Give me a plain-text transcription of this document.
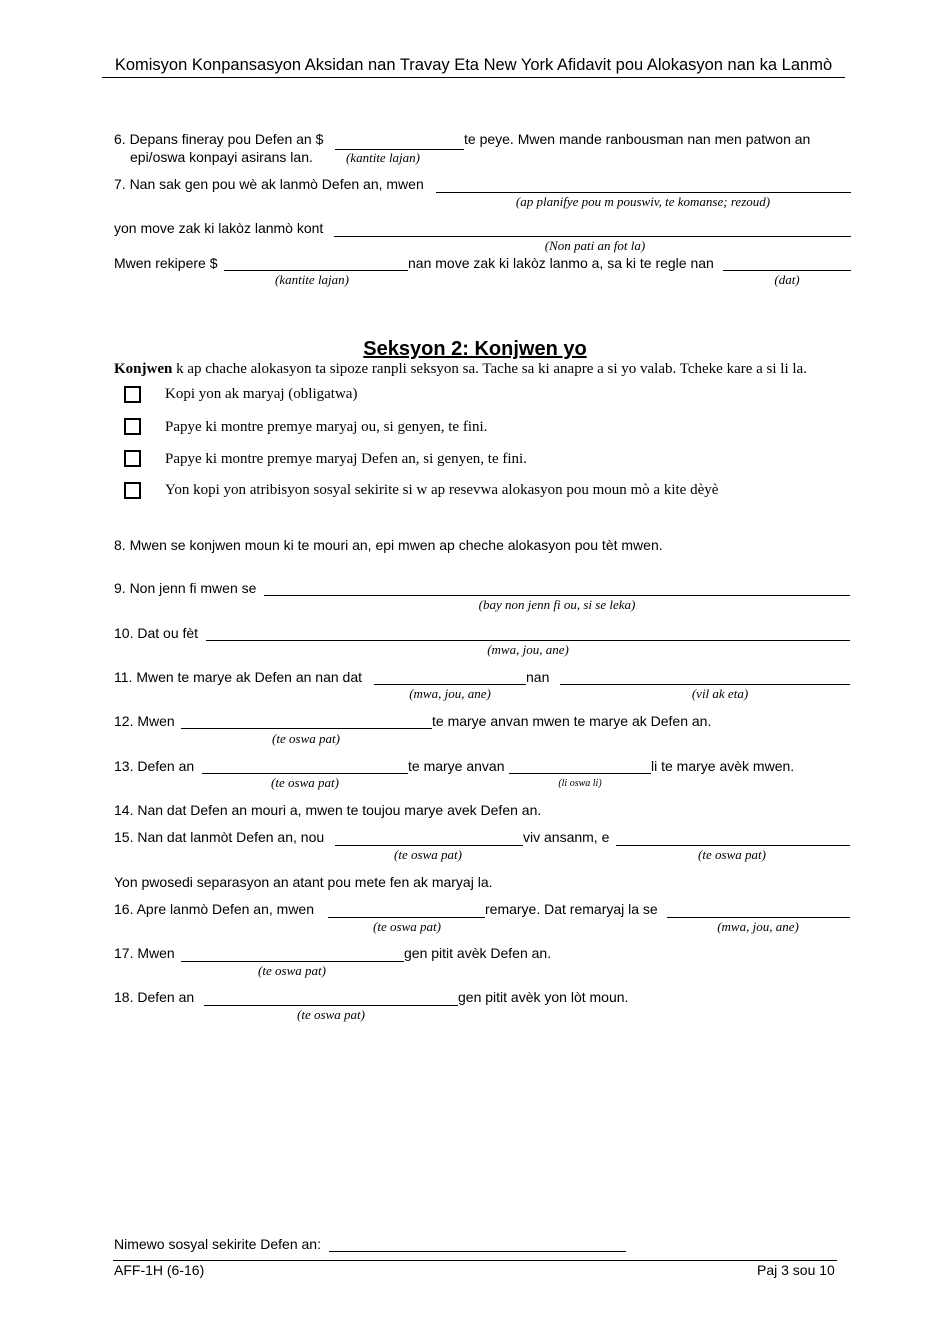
Komisyon Konpansasyon Aksidan nan Travay Eta New York Afidavit pou Alokasyon nan ka Lanmò
6. Depans fineray pou Defen an $	te peye. Mwen mande ranbousman nan men patwon an
epi/oswa konpayi asirans lan.	(kantite lajan)
7. Nan sak gen pou wè ak lanmò Defen an, mwen
(ap planifye pou m pouswiv, te komanse; rezoud)
yon move zak ki lakòz lanmò kont
(Non pati an fot la)
Mwen rekipere $	nan move zak ki lakòz lanmo a, sa ki te regle nan
(kantite lajan)	(dat)
Seksyon 2: Konjwen yo
Konjwen k ap chache alokasyon ta sipoze ranpli seksyon sa. Tache sa ki anapre a si yo valab. Tcheke kare a si li la.
Kopi yon ak maryaj (obligatwa)
Papye ki montre premye maryaj ou, si genyen, te fini.
Papye ki montre premye maryaj Defen an, si genyen, te fini.
Yon kopi yon atribisyon sosyal sekirite si w ap resevwa alokasyon pou moun mò a kite dèyè
8. Mwen se konjwen moun ki te mouri an, epi mwen ap cheche alokasyon pou tèt mwen.
9. Non jenn fi mwen se
(bay non jenn fi ou, si se leka)
10. Dat ou fèt
(mwa, jou, ane)
11. Mwen te marye ak Defen an nan dat	nan
(mwa, jou, ane)	(vil ak eta)
12. Mwen	te marye anvan mwen te marye ak Defen an.
(te oswa pat)
13. Defen an	te marye anvan	li te marye avèk mwen.
(te oswa pat)	(li oswa li)
14. Nan dat Defen an mouri a, mwen te toujou marye avek Defen an.
15. Nan dat lanmòt Defen an, nou	viv ansanm, e
(te oswa pat)	(te oswa pat)
Yon pwosedi separasyon an atant pou mete fen ak maryaj la.
16. Apre lanmò Defen an, mwen	remarye. Dat remaryaj la se
(te oswa pat)	(mwa, jou, ane)
17. Mwen	gen pitit avèk Defen an.
(te oswa pat)
18. Defen an	gen pitit avèk yon lòt moun.
(te oswa pat)
Nimewo sosyal sekirite Defen an:
AFF-1H (6-16)	Paj 3 sou 10
